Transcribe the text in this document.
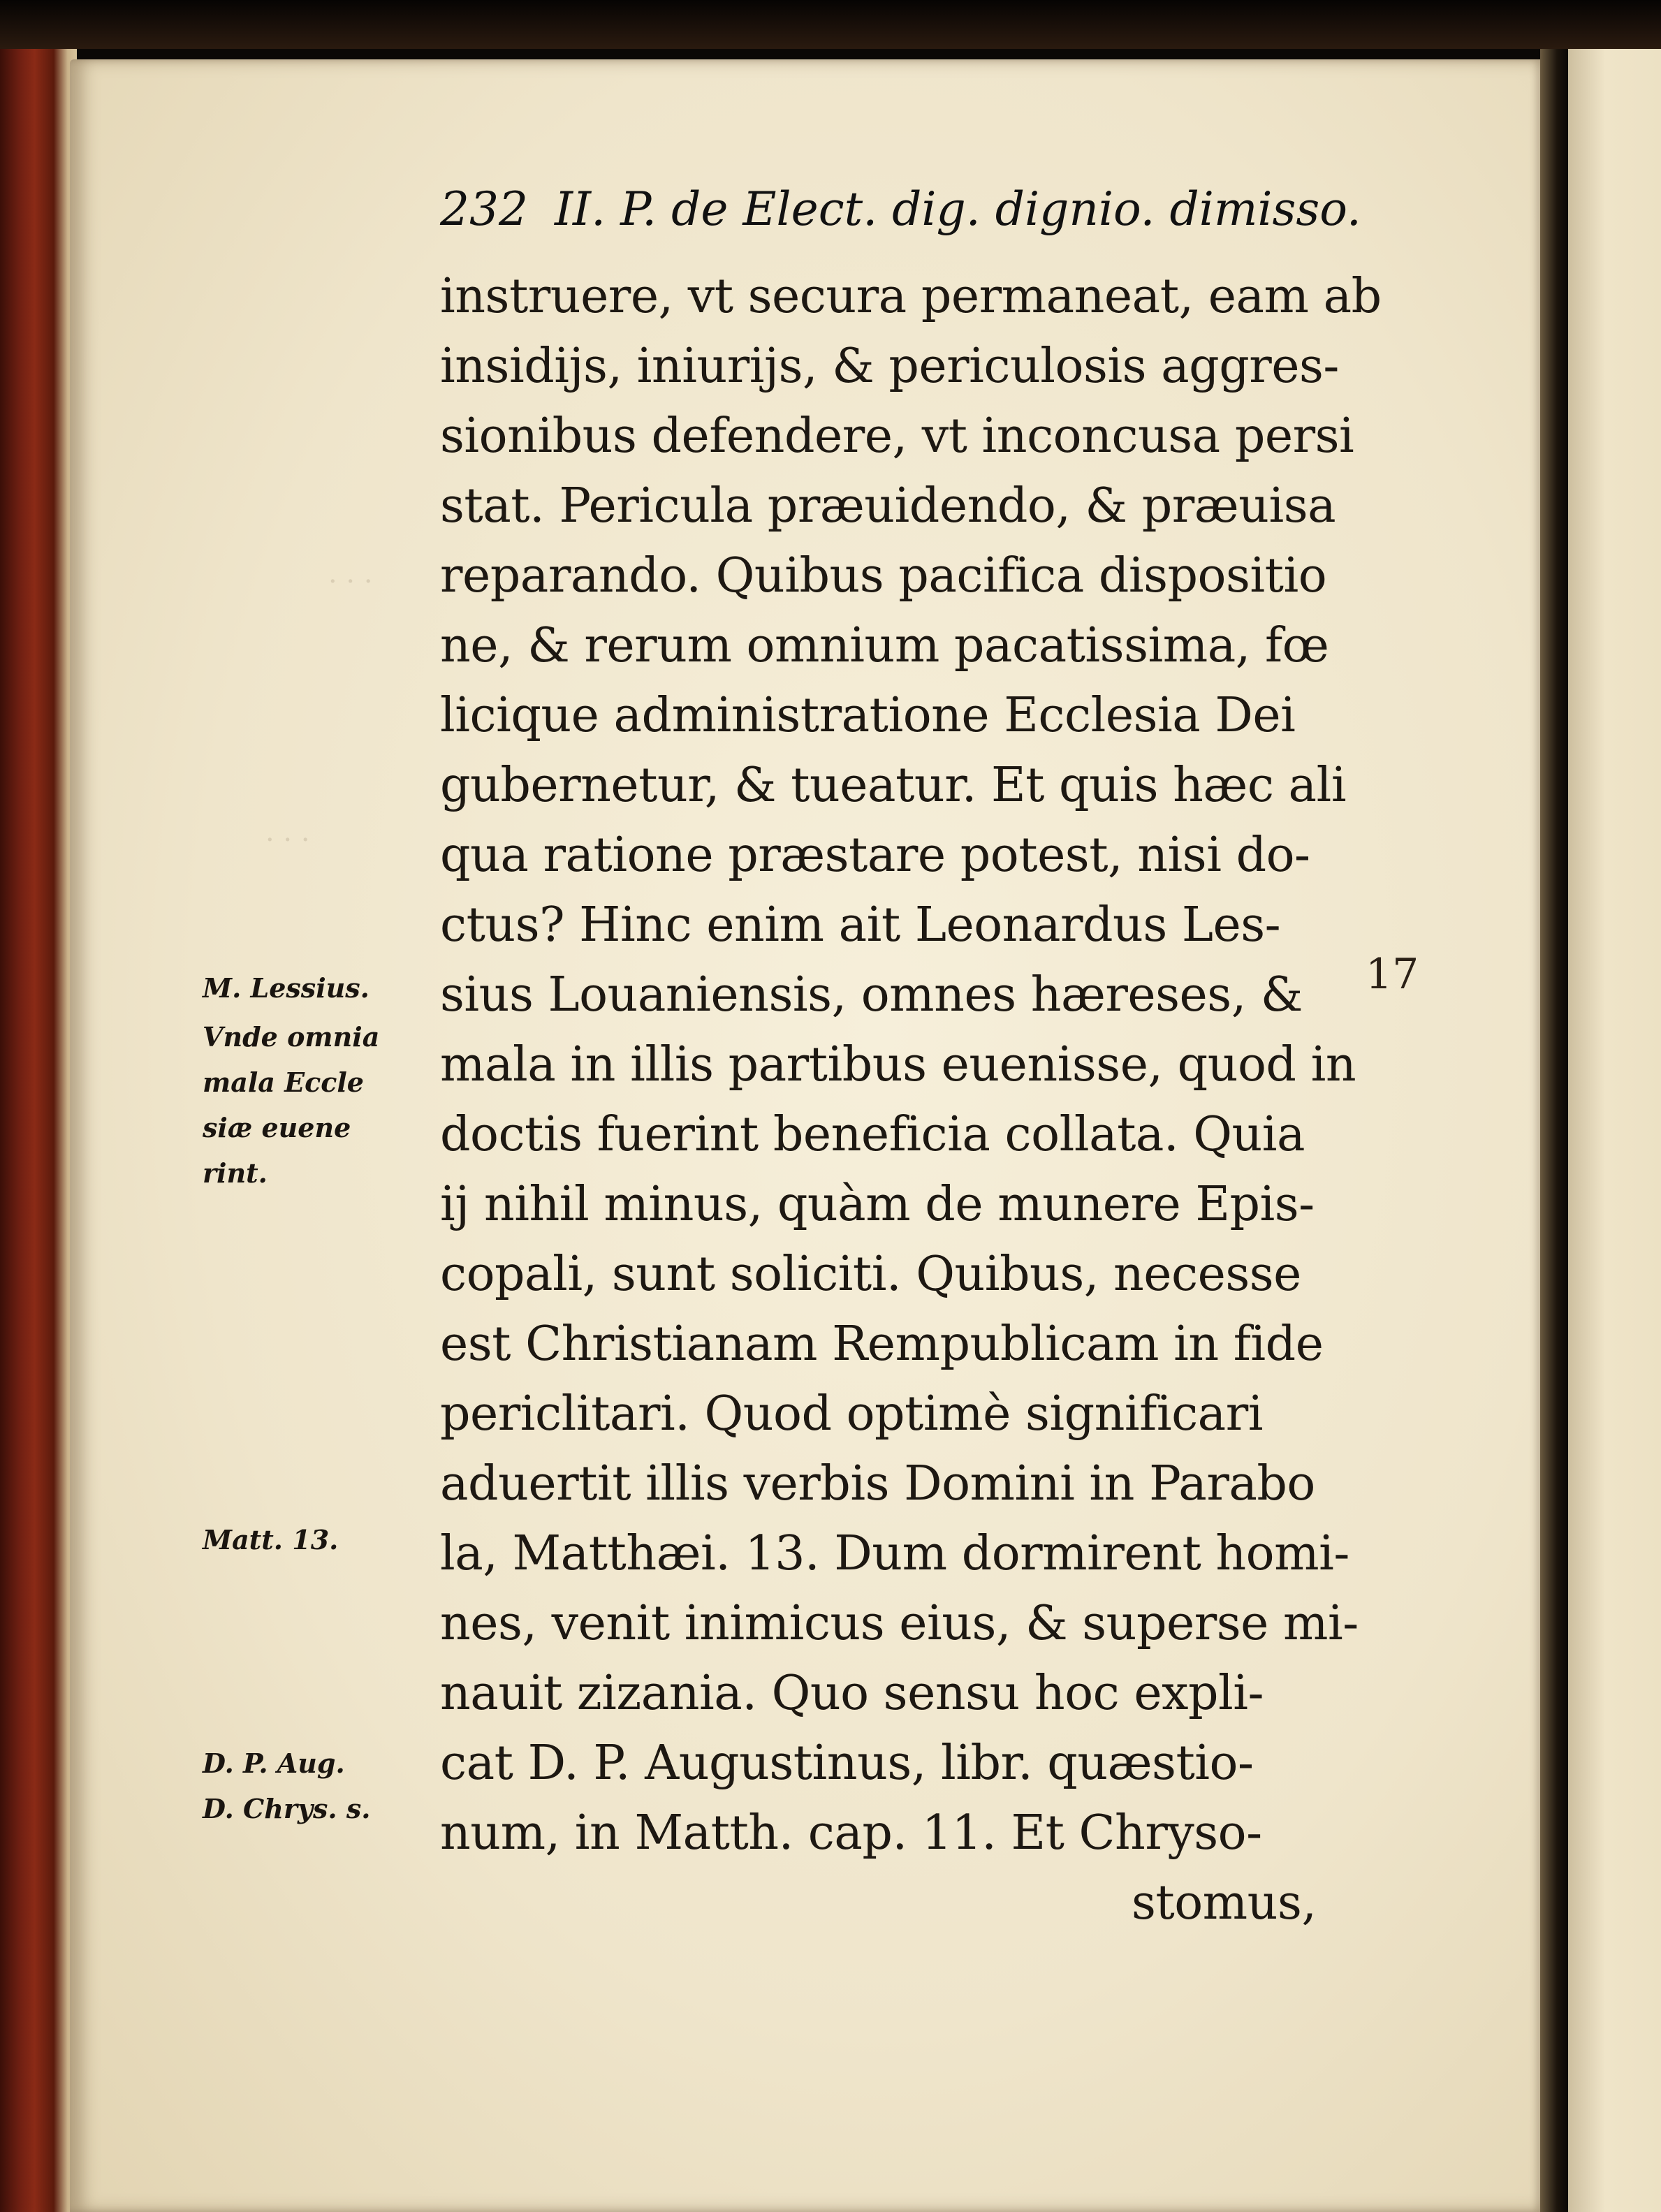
· · ·
· · ·
232 II. P. de Elect. dig. dignio. dimisso.
instruere, vt secura permaneat, eam ab
insidijs, iniurijs, & periculosis aggres-
sionibus defendere, vt inconcusa persi
stat. Pericula præuidendo, & præuisa
reparando. Quibus pacifica dispositio
ne, & rerum omnium pacatissima, fœ
licique administratione Ecclesia Dei
gubernetur, & tueatur. Et quis hæc ali
qua ratione præstare potest, nisi do-
ctus? Hinc enim ait Leonardus Les-
sius Louaniensis, omnes hæreses, &
mala in illis partibus euenisse, quod in
doctis fuerint beneficia collata. Quia
ij nihil minus, quàm de munere Epis-
copali, sunt soliciti. Quibus, necesse
est Christianam Rempublicam in fide
periclitari. Quod optimè significari
aduertit illis verbis Domini in Parabo
la, Matthæi. 13. Dum dormirent homi-
nes, venit inimicus eius, & superse mi-
nauit zizania. Quo sensu hoc expli-
cat D. P. Augustinus, libr. quæstio-
num, in Matth. cap. 11. Et Chryso-
stomus,
M. Lessius.
Vnde omnia
mala Eccle
siæ euene
rint.
Matt. 13.
D. P. Aug.
D. Chrys. s.
17
